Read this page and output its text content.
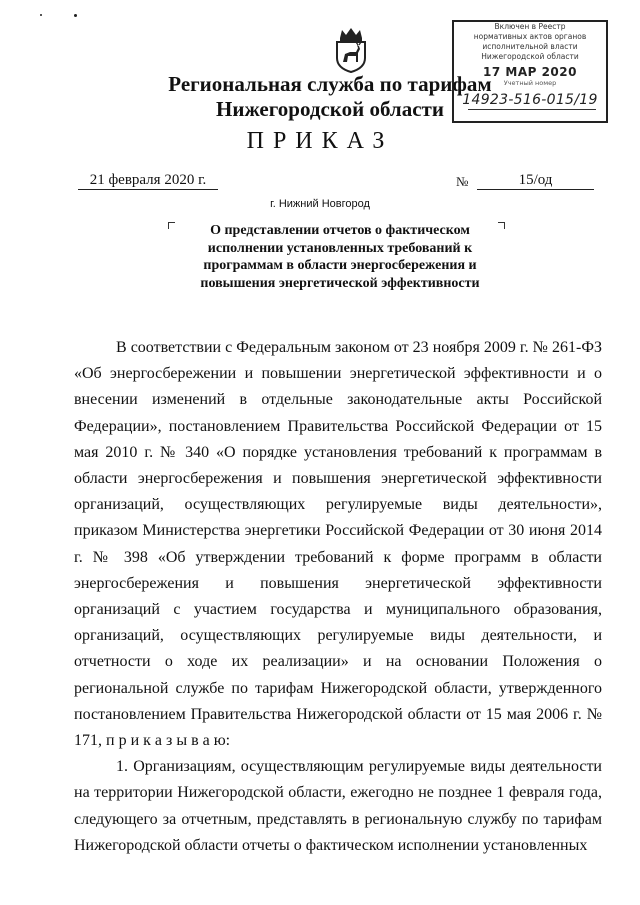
Включен в Реестр
нормативных актов органов
исполнительной власти
Нижегородской области
17 МАР 2020
Учетный номер
14923-516-015/19
Региональная служба по тарифам Нижегородской области
ПРИКАЗ
21 февраля 2020 г.	№	15/од
г. Нижний Новгород
О представлении отчетов о фактическом исполнении установленных требований к программам в области энергосбережения и повышения энергетической эффективности

В соответствии с Федеральным законом от 23 ноября 2009 г. № 261-ФЗ «Об энергосбережении и повышении энергетической эффективности и о внесении изменений в отдельные законодательные акты Российской Федерации», постановлением Правительства Российской Федерации от 15 мая 2010 г. № 340 «О порядке установления требований к программам в области энергосбережения и повышения энергетической эффективности организаций, осуществляющих регулируемые виды деятельности», приказом Министерства энергетики Российской Федерации от 30 июня 2014 г. № 398 «Об утверждении требований к форме программ в области энергосбережения и повышения энергетической эффективности организаций с участием государства и муниципального образования, организаций, осуществляющих регулируемые виды деятельности, и отчетности о ходе их реализации» и на основании Положения о региональной службе по тарифам Нижегородской области, утвержденного постановлением Правительства Нижегородской области от 15 мая 2006 г. № 171, п р и к а з ы в а ю:

1. Организациям, осуществляющим регулируемые виды деятельности на территории Нижегородской области, ежегодно не позднее 1 февраля года, следующего за отчетным, представлять в региональную службу по тарифам Нижегородской области отчеты о фактическом исполнении установленных
